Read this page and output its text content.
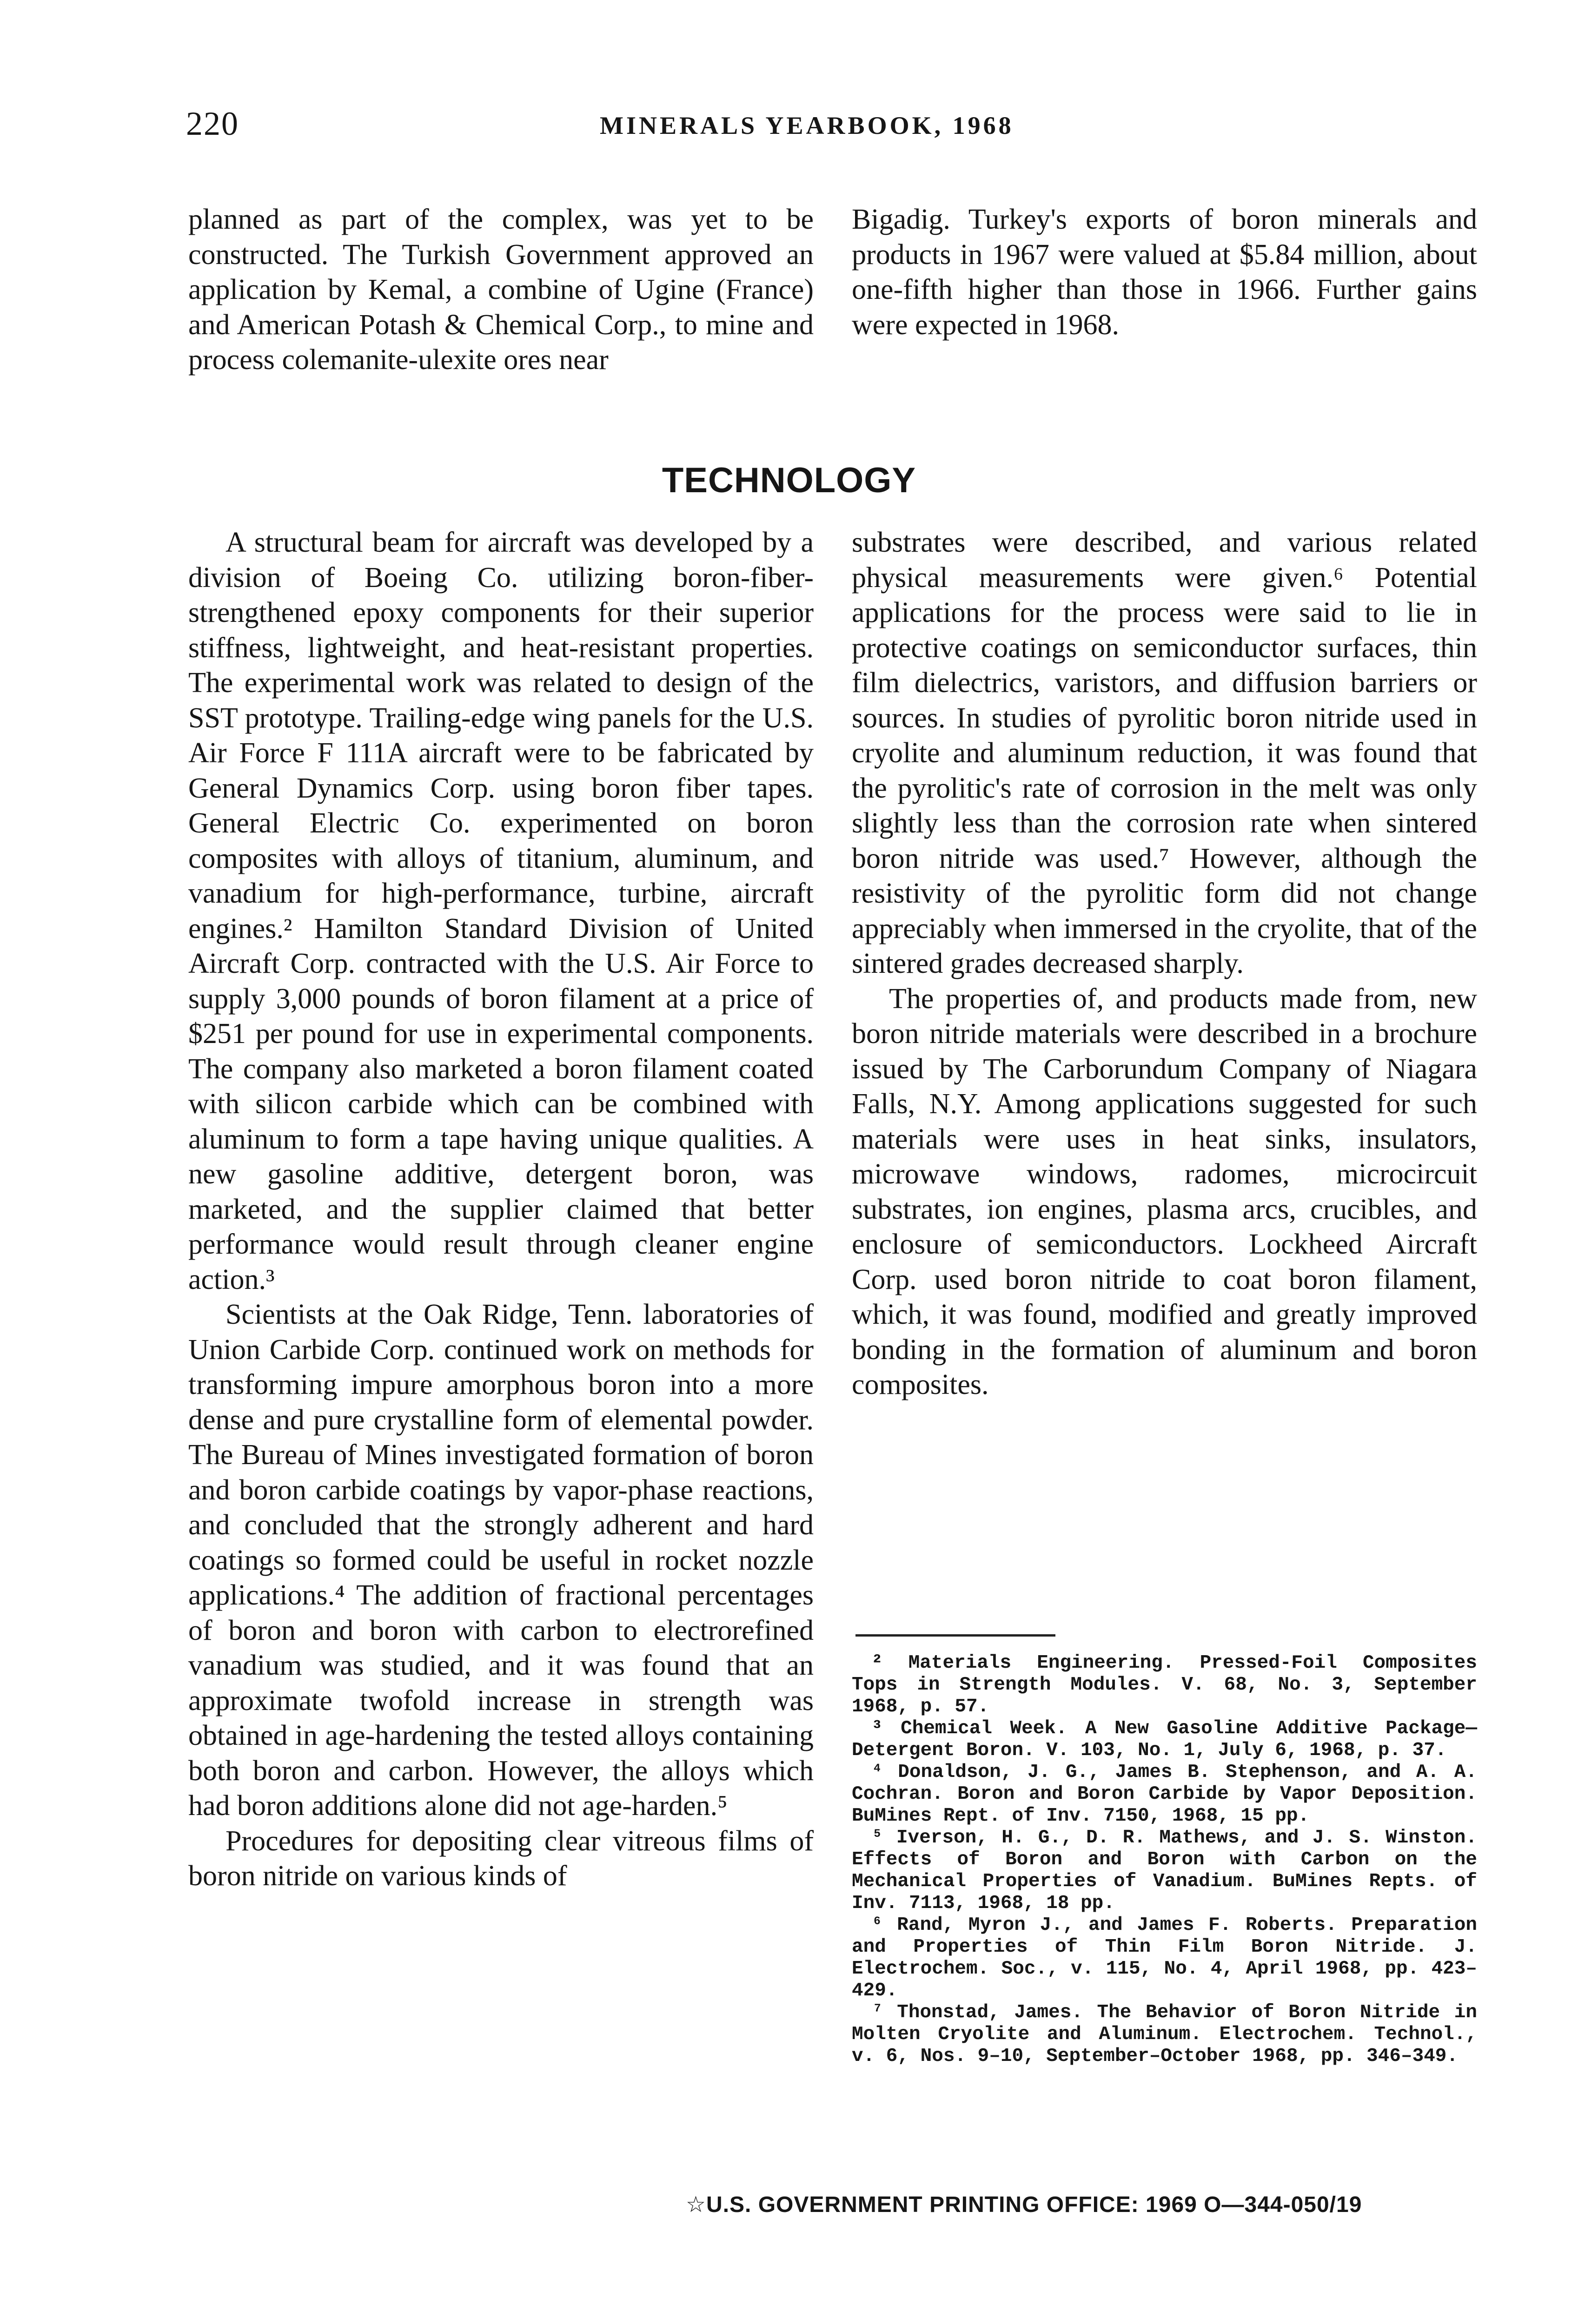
220	MINERALS YEARBOOK, 1968

planned as part of the complex, was yet to be constructed. The Turkish Government approved an application by Kemal, a combine of Ugine (France) and American Potash & Chemical Corp., to mine and process colemanite-ulexite ores near

Bigadig. Turkey's exports of boron minerals and products in 1967 were valued at $5.84 million, about one-fifth higher than those in 1966. Further gains were expected in 1968.

TECHNOLOGY

A structural beam for aircraft was developed by a division of Boeing Co. utilizing boron-fiber-strengthened epoxy components for their superior stiffness, lightweight, and heat-resistant properties. The experimental work was related to design of the SST prototype. Trailing-edge wing panels for the U.S. Air Force F 111A aircraft were to be fabricated by General Dynamics Corp. using boron fiber tapes. General Electric Co. experimented on boron composites with alloys of titanium, aluminum, and vanadium for high-performance, turbine, aircraft engines.² Hamilton Standard Division of United Aircraft Corp. contracted with the U.S. Air Force to supply 3,000 pounds of boron filament at a price of $251 per pound for use in experimental components. The company also marketed a boron filament coated with silicon carbide which can be combined with aluminum to form a tape having unique qualities. A new gasoline additive, detergent boron, was marketed, and the supplier claimed that better performance would result through cleaner engine action.³

Scientists at the Oak Ridge, Tenn. laboratories of Union Carbide Corp. continued work on methods for transforming impure amorphous boron into a more dense and pure crystalline form of elemental powder. The Bureau of Mines investigated formation of boron and boron carbide coatings by vapor-phase reactions, and concluded that the strongly adherent and hard coatings so formed could be useful in rocket nozzle applications.⁴ The addition of fractional percentages of boron and boron with carbon to electrorefined vanadium was studied, and it was found that an approximate twofold increase in strength was obtained in age-hardening the tested alloys containing both boron and carbon. However, the alloys which had boron additions alone did not age-harden.⁵

Procedures for depositing clear vitreous films of boron nitride on various kinds of

substrates were described, and various related physical measurements were given.⁶ Potential applications for the process were said to lie in protective coatings on semiconductor surfaces, thin film dielectrics, varistors, and diffusion barriers or sources. In studies of pyrolitic boron nitride used in cryolite and aluminum reduction, it was found that the pyrolitic's rate of corrosion in the melt was only slightly less than the corrosion rate when sintered boron nitride was used.⁷ However, although the resistivity of the pyrolitic form did not change appreciably when immersed in the cryolite, that of the sintered grades decreased sharply.

The properties of, and products made from, new boron nitride materials were described in a brochure issued by The Carborundum Company of Niagara Falls, N.Y. Among applications suggested for such materials were uses in heat sinks, insulators, microwave windows, radomes, microcircuit substrates, ion engines, plasma arcs, crucibles, and enclosure of semiconductors. Lockheed Aircraft Corp. used boron nitride to coat boron filament, which, it was found, modified and greatly improved bonding in the formation of aluminum and boron composites.

² Materials Engineering. Pressed-Foil Composites Tops in Strength Modules. V. 68, No. 3, September 1968, p. 57.

³ Chemical Week. A New Gasoline Additive Package—Detergent Boron. V. 103, No. 1, July 6, 1968, p. 37.

⁴ Donaldson, J. G., James B. Stephenson, and A. A. Cochran. Boron and Boron Carbide by Vapor Deposition. BuMines Rept. of Inv. 7150, 1968, 15 pp.

⁵ Iverson, H. G., D. R. Mathews, and J. S. Winston. Effects of Boron and Boron with Carbon on the Mechanical Properties of Vanadium. BuMines Repts. of Inv. 7113, 1968, 18 pp.

⁶ Rand, Myron J., and James F. Roberts. Preparation and Properties of Thin Film Boron Nitride. J. Electrochem. Soc., v. 115, No. 4, April 1968, pp. 423–429.

⁷ Thonstad, James. The Behavior of Boron Nitride in Molten Cryolite and Aluminum. Electrochem. Technol., v. 6, Nos. 9–10, September–October 1968, pp. 346–349.

☆U.S. GOVERNMENT PRINTING OFFICE: 1969 O—344-050/19
